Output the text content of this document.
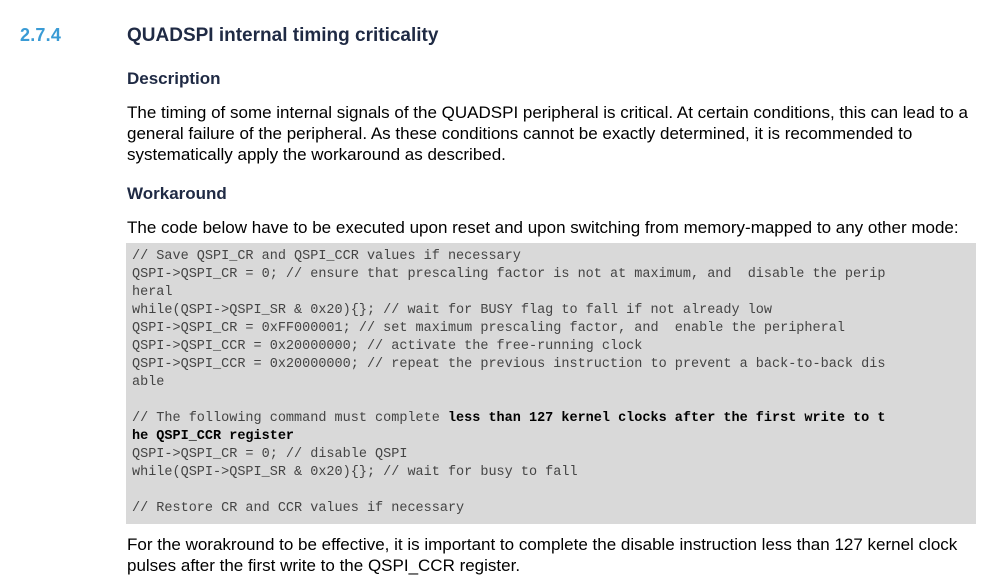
2.7.4	QUADSPI internal timing criticality
Description
The timing of some internal signals of the QUADSPI peripheral is critical. At certain conditions, this can lead to a
general failure of the peripheral. As these conditions cannot be exactly determined, it is recommended to
systematically apply the workaround as described.
Workaround
The code below have to be executed upon reset and upon switching from memory-mapped to any other mode:
// Save QSPI_CR and QSPI_CCR values if necessary
QSPI->QSPI_CR = 0; // ensure that prescaling factor is not at maximum, and  disable the perip
heral
while(QSPI->QSPI_SR & 0x20){}; // wait for BUSY flag to fall if not already low
QSPI->QSPI_CR = 0xFF000001; // set maximum prescaling factor, and  enable the peripheral
QSPI->QSPI_CCR = 0x20000000; // activate the free-running clock
QSPI->QSPI_CCR = 0x20000000; // repeat the previous instruction to prevent a back-to-back dis
able
// The following command must complete less than 127 kernel clocks after the first write to t
he QSPI_CCR register
QSPI->QSPI_CR = 0; // disable QSPI
while(QSPI->QSPI_SR & 0x20){}; // wait for busy to fall
// Restore CR and CCR values if necessary
For the worakround to be effective, it is important to complete the disable instruction less than 127 kernel clock
pulses after the first write to the QSPI_CCR register.
